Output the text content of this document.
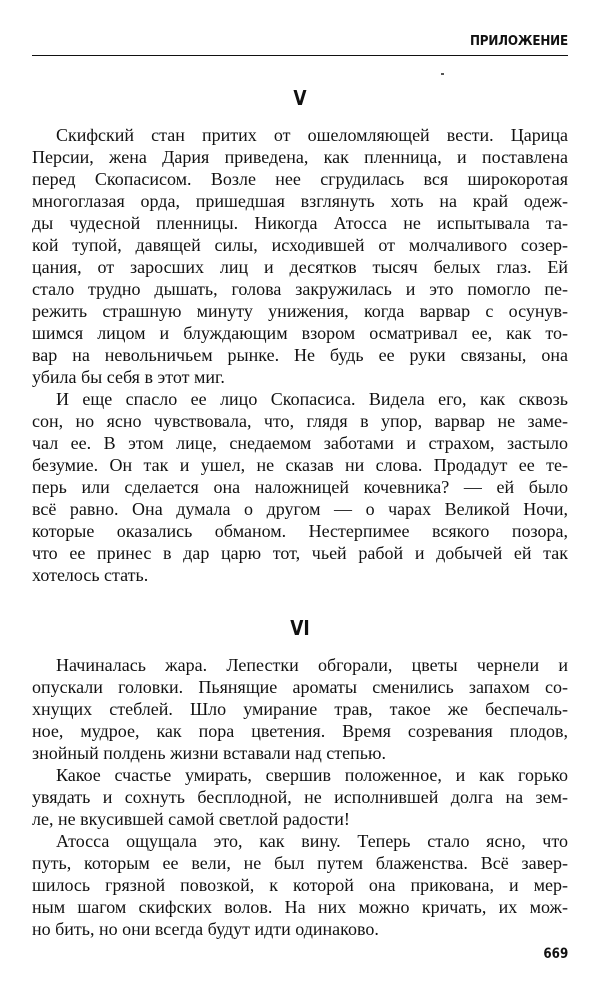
ПРИЛОЖЕНИЕ
V
Скифский стан притих от ошеломляющей вести. Царица
Персии, жена Дария приведена, как пленница, и поставлена
перед Скопасисом. Возле нее сгрудилась вся широкоротая
многоглазая орда, пришедшая взглянуть хоть на край одеж-
ды чудесной пленницы. Никогда Атосса не испытывала та-
кой тупой, давящей силы, исходившей от молчаливого созер-
цания, от заросших лиц и десятков тысяч белых глаз. Ей
стало трудно дышать, голова закружилась и это помогло пе-
режить страшную минуту унижения, когда варвар с осунув-
шимся лицом и блуждающим взором осматривал ее, как то-
вар на невольничьем рынке. Не будь ее руки связаны, она
убила бы себя в этот миг.
И еще спасло ее лицо Скопасиса. Видела его, как сквозь
сон, но ясно чувствовала, что, глядя в упор, варвар не заме-
чал ее. В этом лице, снедаемом заботами и страхом, застыло
безумие. Он так и ушел, не сказав ни слова. Продадут ее те-
перь или сделается она наложницей кочевника? — ей было
всё равно. Она думала о другом — о чарах Великой Ночи,
которые оказались обманом. Нестерпимее всякого позора,
что ее принес в дар царю тот, чьей рабой и добычей ей так
хотелось стать.
VI
Начиналась жара. Лепестки обгорали, цветы чернели и
опускали головки. Пьянящие ароматы сменились запахом со-
хнущих стеблей. Шло умирание трав, такое же беспечаль-
ное, мудрое, как пора цветения. Время созревания плодов,
знойный полдень жизни вставали над степью.
Какое счастье умирать, свершив положенное, и как горько
увядать и сохнуть бесплодной, не исполнившей долга на зем-
ле, не вкусившей самой светлой радости!
Атосса ощущала это, как вину. Теперь стало ясно, что
путь, которым ее вели, не был путем блаженства. Всё завер-
шилось грязной повозкой, к которой она прикована, и мер-
ным шагом скифских волов. На них можно кричать, их мож-
но бить, но они всегда будут идти одинаково.
669
